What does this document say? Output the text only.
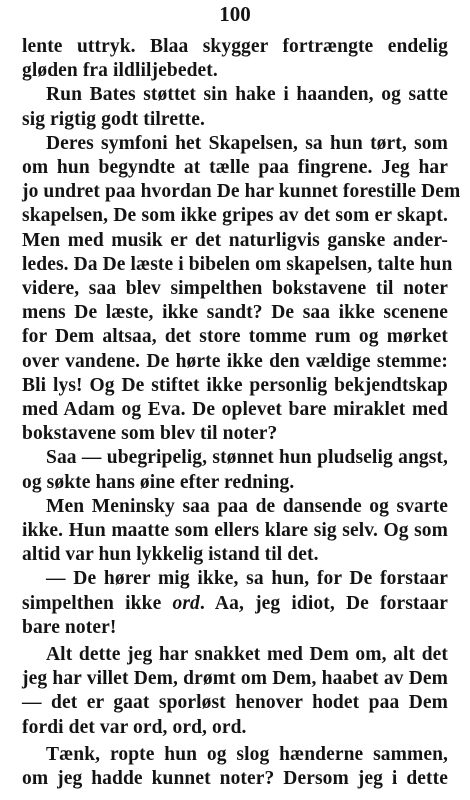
100
lente uttryk. Blaa skygger fortrængte endelig
gløden fra ildliljebedet.
Run Bates støttet sin hake i haanden, og satte
sig rigtig godt tilrette.
Deres symfoni het Skapelsen, sa hun tørt, som
om hun begyndte at tælle paa fingrene. Jeg har
jo undret paa hvordan De har kunnet forestille Dem
skapelsen, De som ikke gripes av det som er skapt.
Men med musik er det naturligvis ganske ander-
ledes. Da De læste i bibelen om skapelsen, talte hun
videre, saa blev simpelthen bokstavene til noter
mens De læste, ikke sandt? De saa ikke scenene
for Dem altsaa, det store tomme rum og mørket
over vandene. De hørte ikke den vældige stemme:
Bli lys! Og De stiftet ikke personlig bekjendtskap
med Adam og Eva. De oplevet bare miraklet med
bokstavene som blev til noter?
Saa — ubegripelig, stønnet hun pludselig angst,
og søkte hans øine efter redning.
Men Meninsky saa paa de dansende og svarte
ikke. Hun maatte som ellers klare sig selv. Og som
altid var hun lykkelig istand til det.
— De hører mig ikke, sa hun, for De forstaar
simpelthen ikke ord. Aa, jeg idiot, De forstaar
bare noter!
Alt dette jeg har snakket med Dem om, alt det
jeg har villet Dem, drømt om Dem, haabet av Dem
— det er gaat sporløst henover hodet paa Dem
fordi det var ord, ord, ord.
Tænk, ropte hun og slog hænderne sammen,
om jeg hadde kunnet noter? Dersom jeg i dette
